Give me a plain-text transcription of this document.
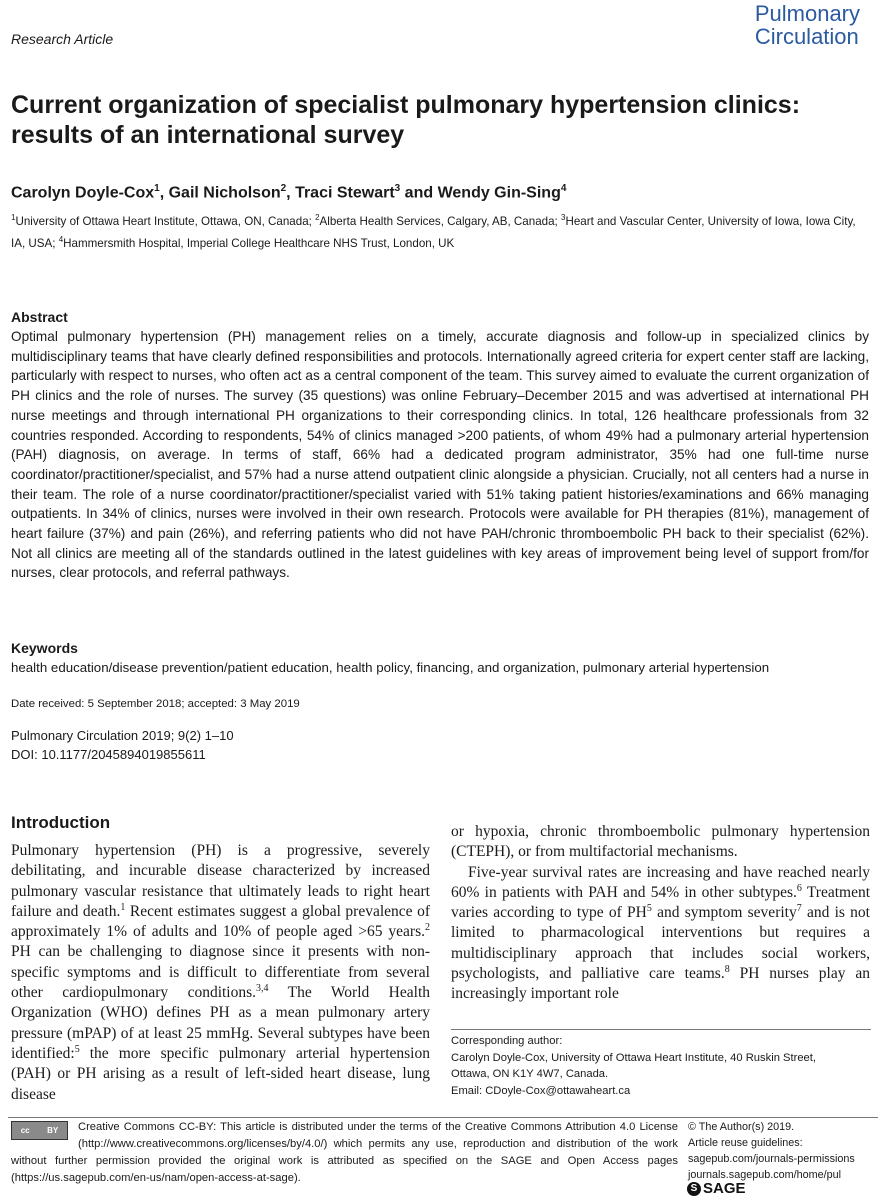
Research Article
Pulmonary
Circulation
Current organization of specialist pulmonary hypertension clinics: results of an international survey
Carolyn Doyle-Cox$^1$, Gail Nicholson$^2$, Traci Stewart$^3$ and Wendy Gin-Sing$^4$
$^1$University of Ottawa Heart Institute, Ottawa, ON, Canada; $^2$Alberta Health Services, Calgary, AB, Canada; $^3$Heart and Vascular Center, University of Iowa, Iowa City, IA, USA; $^4$Hammersmith Hospital, Imperial College Healthcare NHS Trust, London, UK
Abstract
Optimal pulmonary hypertension (PH) management relies on a timely, accurate diagnosis and follow-up in specialized clinics by multidisciplinary teams that have clearly defined responsibilities and protocols. Internationally agreed criteria for expert center staff are lacking, particularly with respect to nurses, who often act as a central component of the team. This survey aimed to evaluate the current organization of PH clinics and the role of nurses. The survey (35 questions) was online February–December 2015 and was advertised at international PH nurse meetings and through international PH organizations to their corresponding clinics. In total, 126 healthcare professionals from 32 countries responded. According to respondents, 54% of clinics managed >200 patients, of whom 49% had a pulmonary arterial hypertension (PAH) diagnosis, on average. In terms of staff, 66% had a dedicated program administrator, 35% had one full-time nurse coordinator/practitioner/specialist, and 57% had a nurse attend outpatient clinic alongside a physician. Crucially, not all centers had a nurse in their team. The role of a nurse coordinator/practitioner/specialist varied with 51% taking patient histories/examinations and 66% managing outpatients. In 34% of clinics, nurses were involved in their own research. Protocols were available for PH therapies (81%), management of heart failure (37%) and pain (26%), and referring patients who did not have PAH/chronic thromboembolic PH back to their specialist (62%). Not all clinics are meeting all of the standards outlined in the latest guidelines with key areas of improvement being level of support from/for nurses, clear protocols, and referral pathways.
Keywords
health education/disease prevention/patient education, health policy, financing, and organization, pulmonary arterial hypertension
Date received: 5 September 2018; accepted: 3 May 2019
Pulmonary Circulation 2019; 9(2) 1–10
DOI: 10.1177/2045894019855611
Introduction
Pulmonary hypertension (PH) is a progressive, severely debilitating, and incurable disease characterized by increased pulmonary vascular resistance that ultimately leads to right heart failure and death.$^1$ Recent estimates suggest a global prevalence of approximately 1% of adults and 10% of people aged >65 years.$^2$ PH can be challenging to diagnose since it presents with non-specific symptoms and is difficult to differentiate from several other cardiopulmonary conditions.$^{3,4}$ The World Health Organization (WHO) defines PH as a mean pulmonary artery pressure (mPAP) of at least 25 mmHg. Several subtypes have been identified:$^5$ the more specific pulmonary arterial hypertension (PAH) or PH arising as a result of left-sided heart disease, lung disease

or hypoxia, chronic thromboembolic pulmonary hypertension (CTEPH), or from multifactorial mechanisms.

Five-year survival rates are increasing and have reached nearly 60% in patients with PAH and 54% in other subtypes.$^6$ Treatment varies according to type of $PH^5$ and symptom severity$^7$ and is not limited to pharmacological interventions but requires a multidisciplinary approach that includes social workers, psychologists, and palliative care teams.$^8$ PH nurses play an increasingly important role

Corresponding author:
Carolyn Doyle-Cox, University of Ottawa Heart Institute, 40 Ruskin Street,
Ottawa, ON K1Y 4W7, Canada.
Email: CDoyle-Cox@ottawaheart.ca
cc BY Creative Commons CC-BY: This article is distributed under the terms of the Creative Commons Attribution 4.0 License (http://www.creativecommons.org/licenses/by/4.0/) which permits any use, reproduction and distribution of the work without further permission provided the original work is attributed as specified on the SAGE and Open Access pages (https://us.sagepub.com/en-us/nam/open-access-at-sage).
© The Author(s) 2019.
Article reuse guidelines:
sagepub.com/journals-permissions
journals.sagepub.com/home/pul
S SAGE
